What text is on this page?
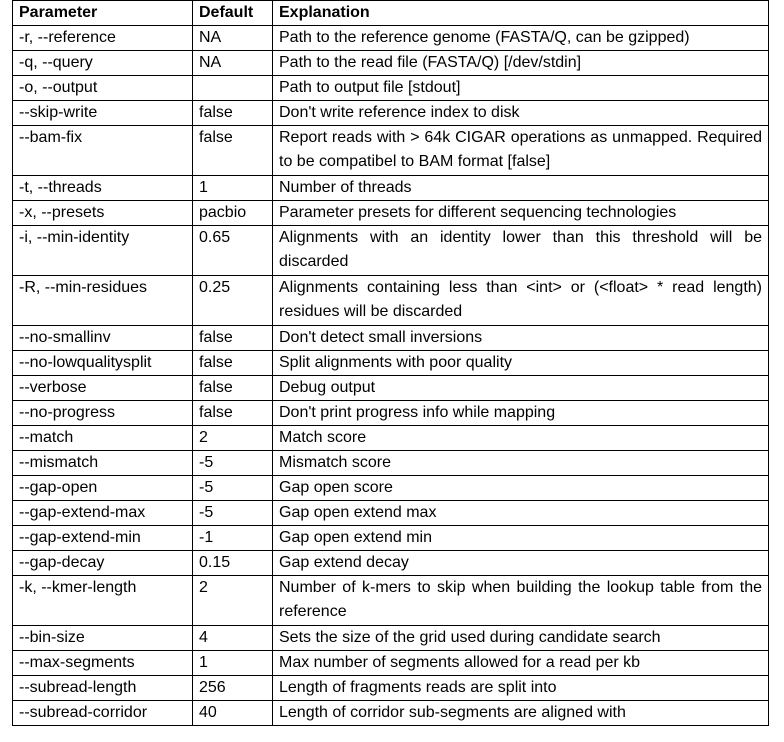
Parameter	Default	Explanation
-r, --reference	NA	Path to the reference genome (FASTA/Q, can be gzipped)
-q, --query	NA	Path to the read file (FASTA/Q) [/dev/stdin]
-o, --output		Path to output file [stdout]
--skip-write	false	Don't write reference index to disk
--bam-fix	false	Report reads with > 64k CIGAR operations as unmapped. Required to be compatibel to BAM format [false]
-t, --threads	1	Number of threads
-x, --presets	pacbio	Parameter presets for different sequencing technologies
-i, --min-identity	0.65	Alignments with an identity lower than this threshold will be discarded
-R, --min-residues	0.25	Alignments containing less than <int> or (<float> * read length) residues will be discarded
--no-smallinv	false	Don't detect small inversions
--no-lowqualitysplit	false	Split alignments with poor quality
--verbose	false	Debug output
--no-progress	false	Don't print progress info while mapping
--match	2	Match score
--mismatch	-5	Mismatch score
--gap-open	-5	Gap open score
--gap-extend-max	-5	Gap open extend max
--gap-extend-min	-1	Gap open extend min
--gap-decay	0.15	Gap extend decay
-k, --kmer-length	2	Number of k-mers to skip when building the lookup table from the reference
--bin-size	4	Sets the size of the grid used during candidate search
--max-segments	1	Max number of segments allowed for a read per kb
--subread-length	256	Length of fragments reads are split into
--subread-corridor	40	Length of corridor sub-segments are aligned with
